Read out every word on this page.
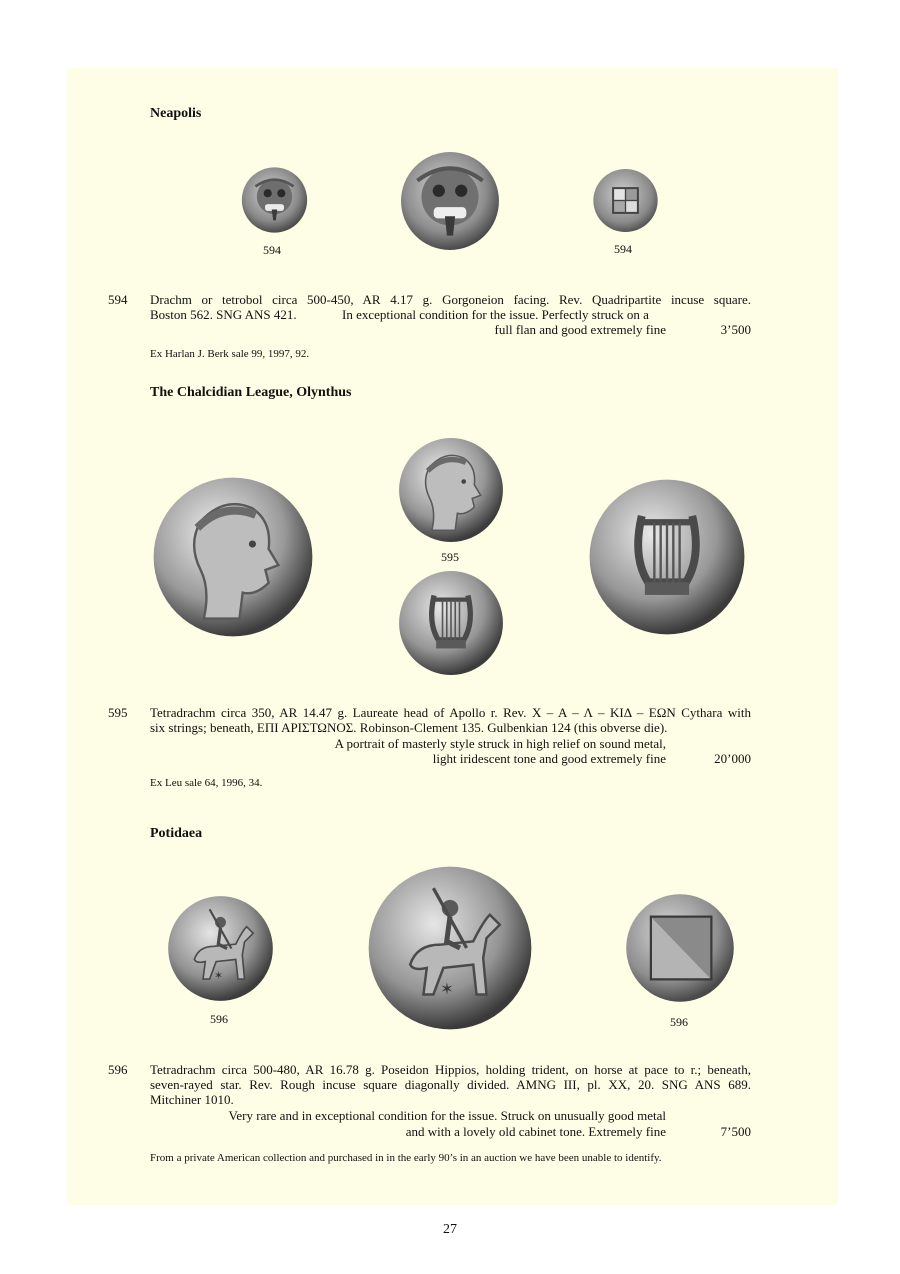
Neapolis
594	594
594 Drachm or tetrobol circa 500-450, AR 4.17 g. Gorgoneion facing. Rev. Quadripartite incuse square.
Boston 562. SNG ANS 421.	In exceptional condition for the issue. Perfectly struck on a
full flan and good extremely fine	3’500
Ex Harlan J. Berk sale 99, 1997, 92.
The Chalcidian League, Olynthus
595
595 Tetradrachm circa 350, AR 14.47 g. Laureate head of Apollo r. Rev. Χ – Α – Λ – ΚΙΔ – ΕΩΝ Cythara with
six strings; beneath, ΕΠΙ ΑΡΙΣΤΩΝΟΣ. Robinson-Clement 135. Gulbenkian 124 (this obverse die).
A portrait of masterly style struck in high relief on sound metal,
light iridescent tone and good extremely fine	20’000
Ex Leu sale 64, 1996, 34.
Potidaea
✶
✶
596	596
596 Tetradrachm circa 500-480, AR 16.78 g. Poseidon Hippios, holding trident, on horse at pace to r.; beneath,
seven-rayed star. Rev. Rough incuse square diagonally divided. AMNG III, pl. XX, 20. SNG ANS 689.
Mitchiner 1010.
Very rare and in exceptional condition for the issue. Struck on unusually good metal
and with a lovely old cabinet tone. Extremely fine	7’500
From a private American collection and purchased in in the early 90’s in an auction we have been unable to identify.
27
